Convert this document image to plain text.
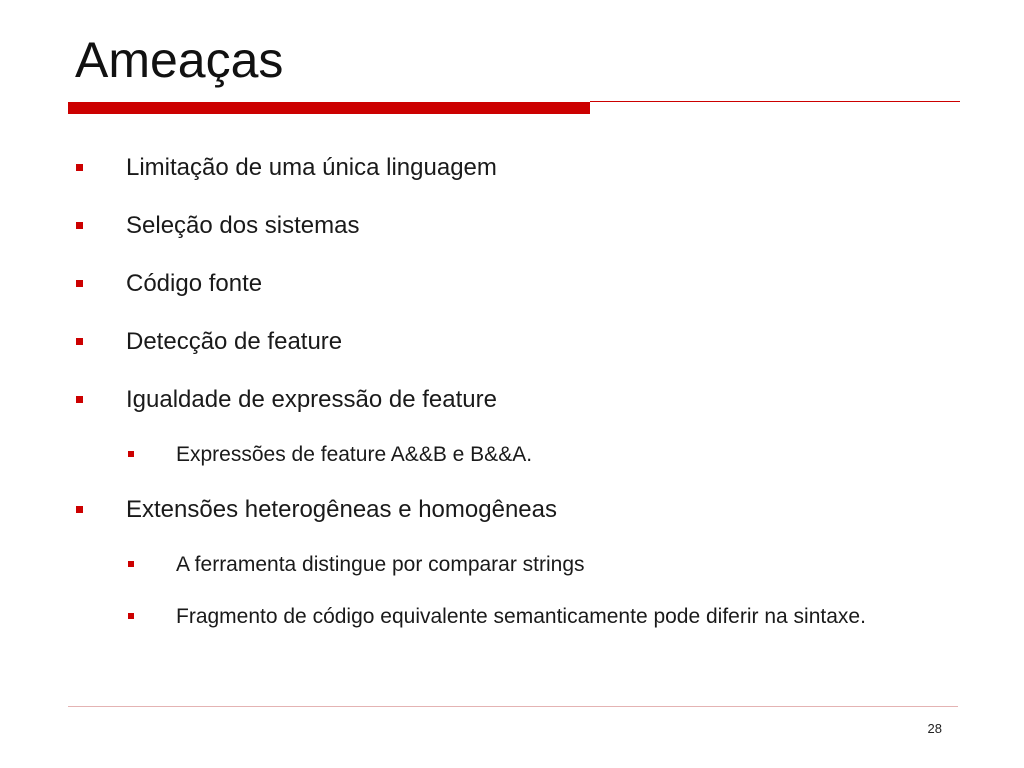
Ameaças
Limitação de uma única linguagem
Seleção dos sistemas
Código fonte
Detecção de feature
Igualdade de expressão de feature
Expressões de feature A&&B e B&&A.
Extensões heterogêneas e homogêneas
A ferramenta distingue por comparar strings
Fragmento de código equivalente semanticamente pode diferir na sintaxe.
28
